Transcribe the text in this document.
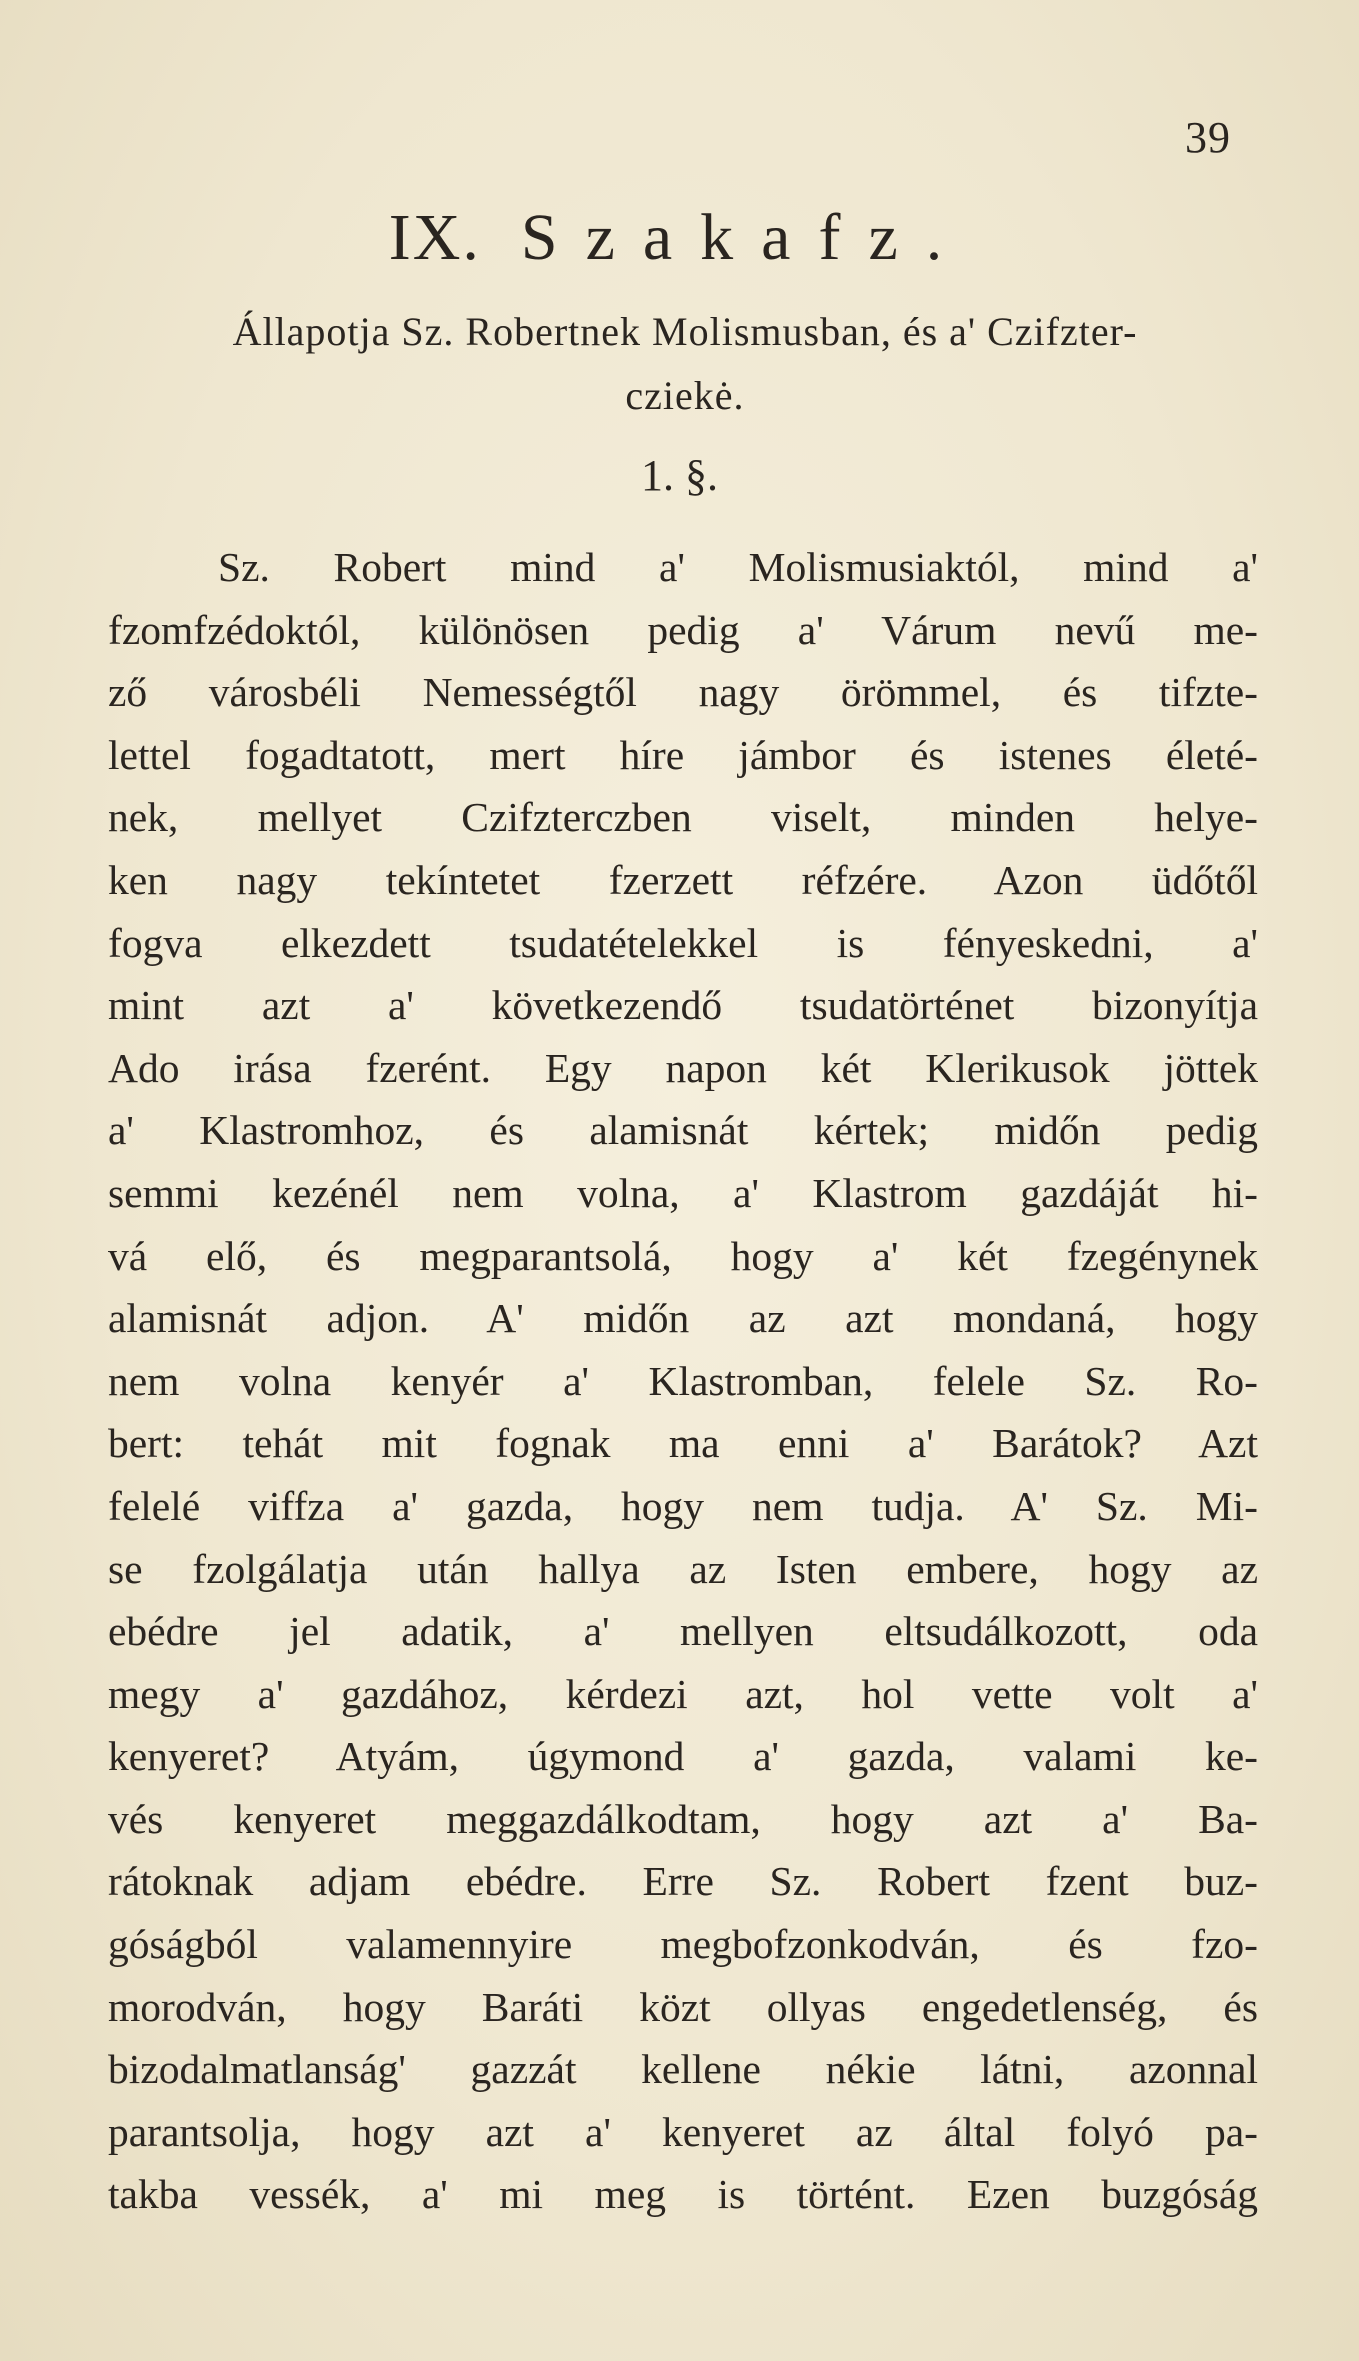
39
IX. Szakafz.
Állapotja Sz. Robertnek Molismusban, és a' Czifzter-
cziekė.
1. §.
Sz. Robert mind a' Molismusiaktól, mind a'
fzomfzédoktól, különösen pedig a' Várum nevű me-
ző városbéli Nemességtől nagy örömmel, és tifzte-
lettel fogadtatott, mert híre jámbor és istenes életé-
nek, mellyet Czifzterczben viselt, minden helye-
ken nagy tekíntetet fzerzett réfzére. Azon üdőtől
fogva elkezdett tsudatételekkel is fényeskedni, a'
mint azt a' következendő tsudatörténet bizonyítja
Ado irása fzerént. Egy napon két Klerikusok jöttek
a' Klastromhoz, és alamisnát kértek; midőn pedig
semmi kezénél nem volna, a' Klastrom gazdáját hi-
vá elő, és megparantsolá, hogy a' két fzegénynek
alamisnát adjon. A' midőn az azt mondaná, hogy
nem volna kenyér a' Klastromban, felele Sz. Ro-
bert: tehát mit fognak ma enni a' Barátok? Azt
felelé viffza a' gazda, hogy nem tudja. A' Sz. Mi-
se fzolgálatja után hallya az Isten embere, hogy az
ebédre jel adatik, a' mellyen eltsudálkozott, oda
megy a' gazdához, kérdezi azt, hol vette volt a'
kenyeret? Atyám, úgymond a' gazda, valami ke-
vés kenyeret meggazdálkodtam, hogy azt a' Ba-
rátoknak adjam ebédre. Erre Sz. Robert fzent buz-
góságból valamennyire megbofzonkodván, és fzo-
morodván, hogy Baráti közt ollyas engedetlenség, és
bizodalmatlanság' gazzát kellene nékie látni, azonnal
parantsolja, hogy azt a' kenyeret az által folyó pa-
takba vessék, a' mi meg is történt. Ezen buzgóság
